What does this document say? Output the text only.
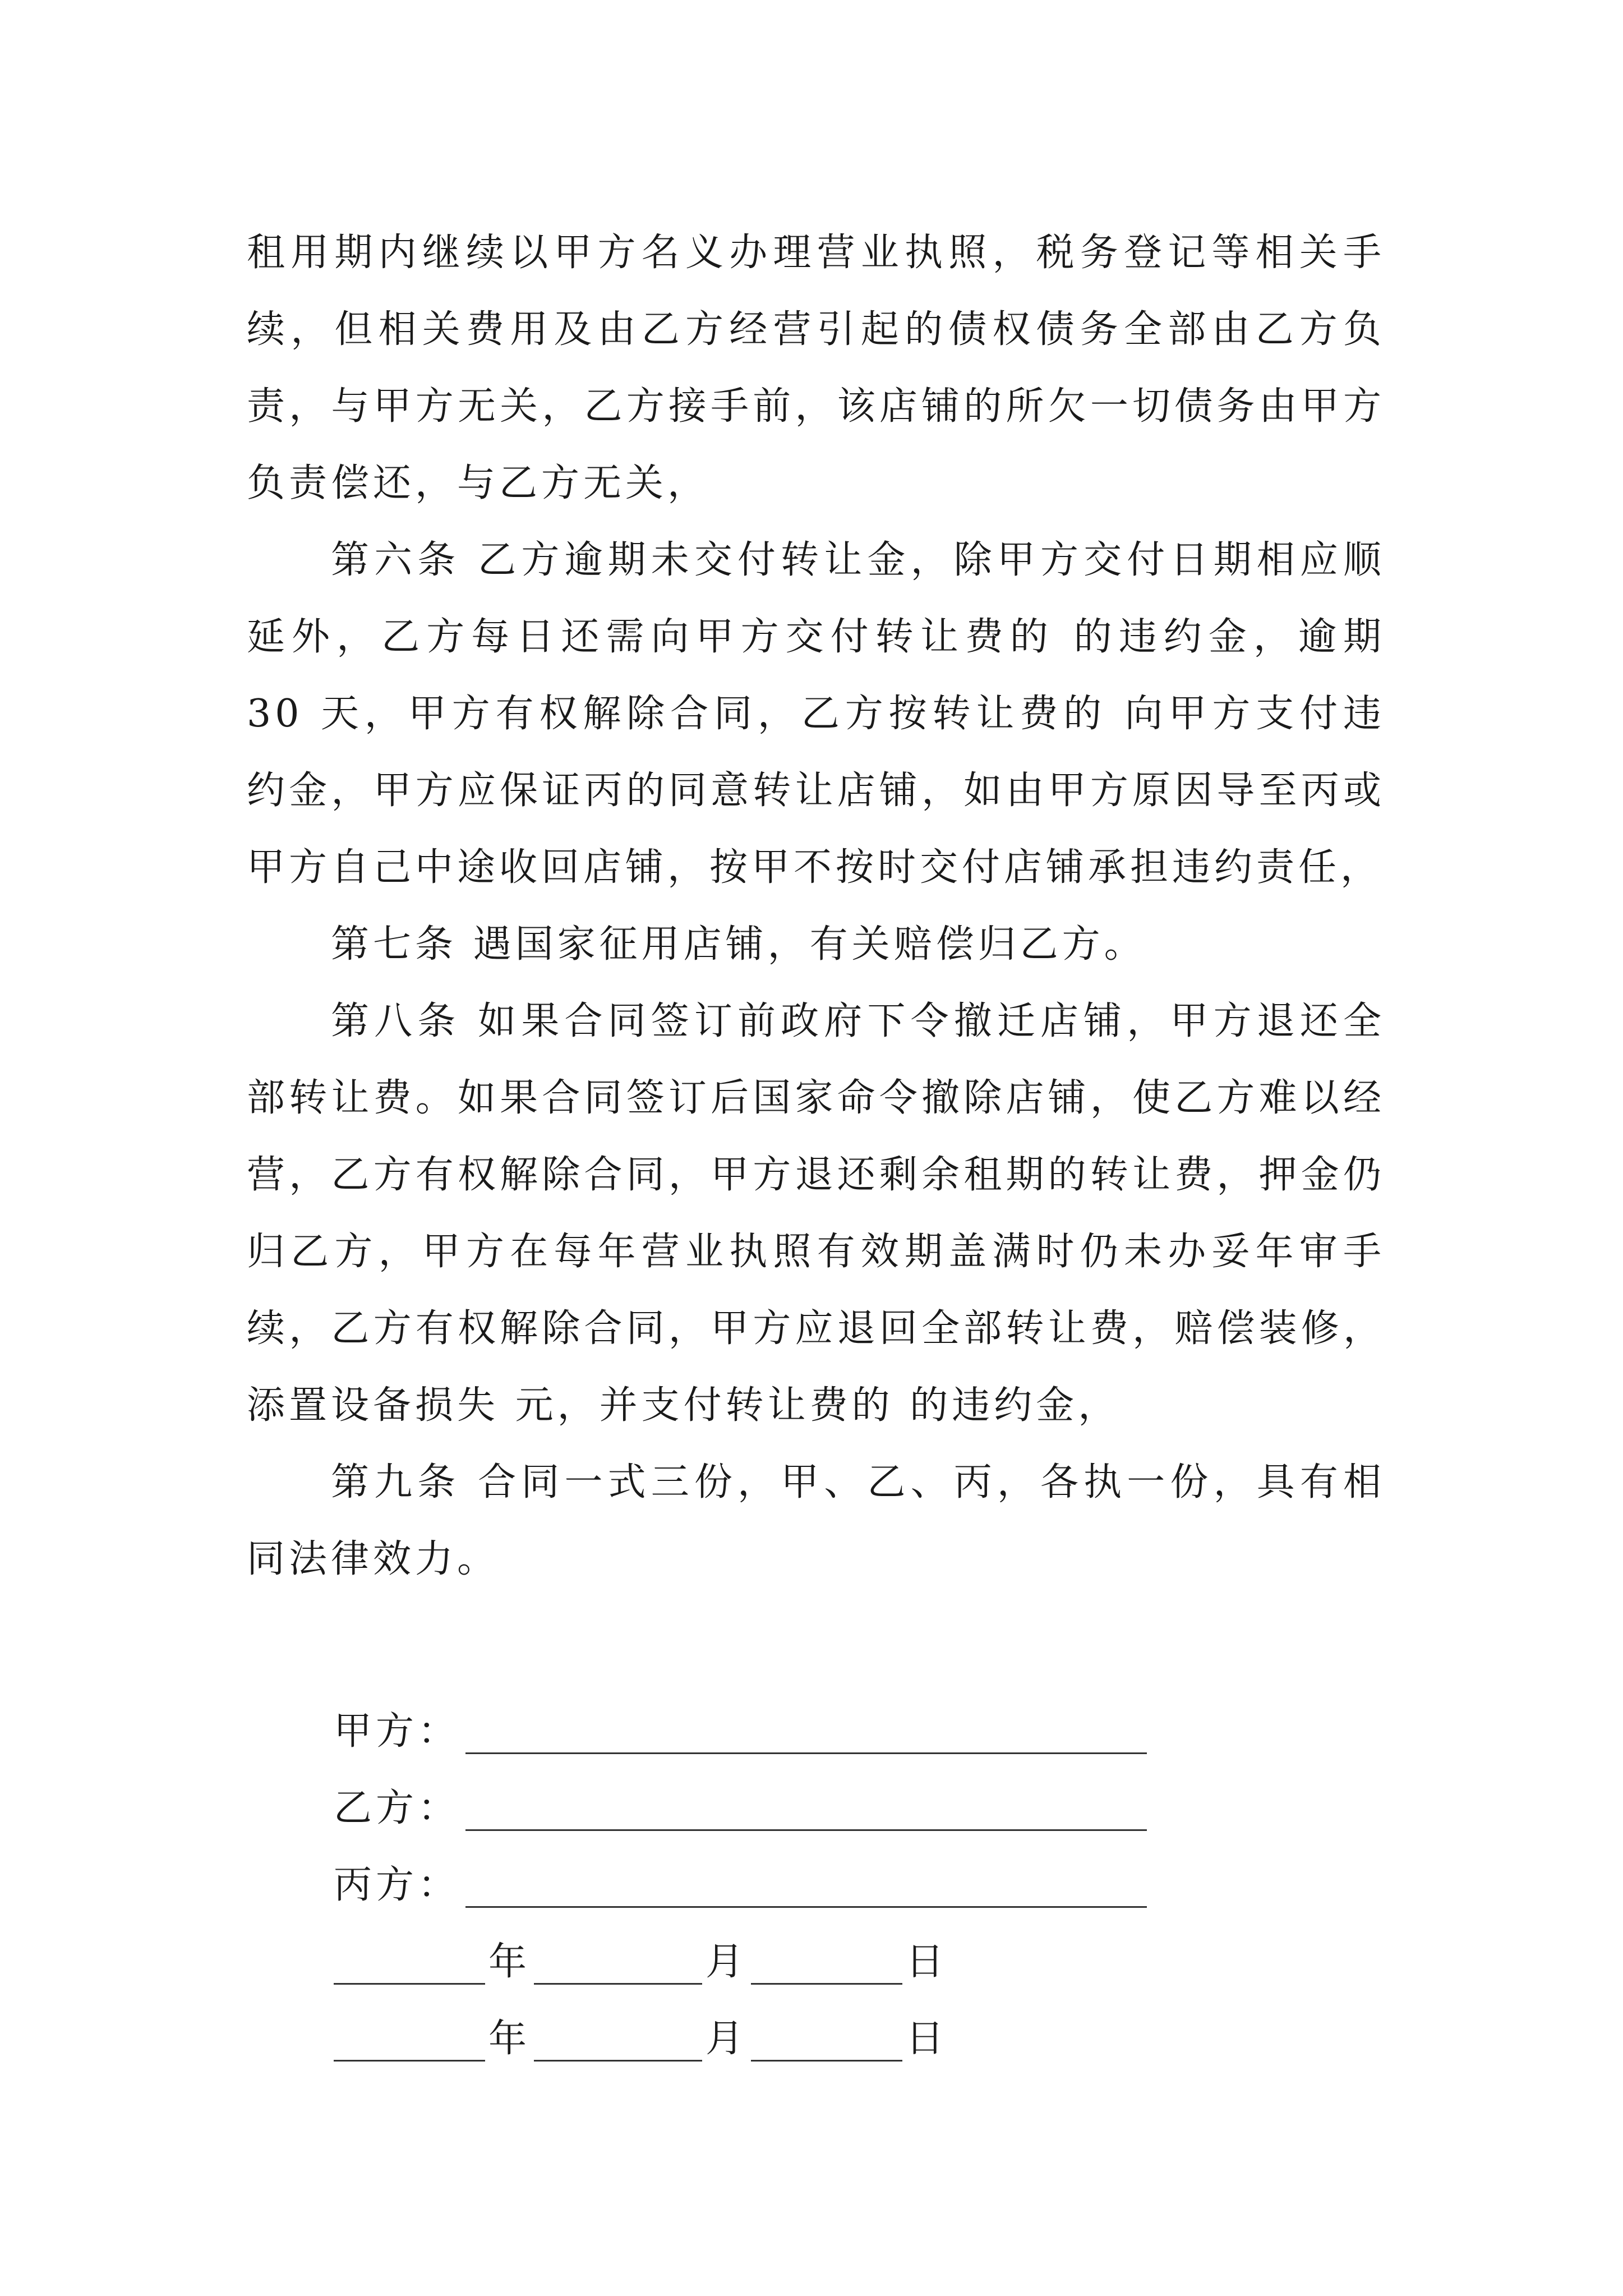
租用期内继续以甲方名义办理营业执照，税务登记等相关手续，但相关费用及由乙方经营引起的债权债务全部由乙方负责，与甲方无关，乙方接手前，该店铺的所欠一切债务由甲方负责偿还，与乙方无关，

第六条 乙方逾期未交付转让金，除甲方交付日期相应顺延外，乙方每日还需向甲方交付转让费的 的违约金，逾期 30 天，甲方有权解除合同，乙方按转让费的 向甲方支付违约金，甲方应保证丙的同意转让店铺，如由甲方原因导至丙或甲方自己中途收回店铺，按甲不按时交付店铺承担违约责任，

第七条 遇国家征用店铺，有关赔偿归乙方。

第八条 如果合同签订前政府下令撤迁店铺，甲方退还全部转让费。如果合同签订后国家命令撤除店铺，使乙方难以经营，乙方有权解除合同，甲方退还剩余租期的转让费，押金仍归乙方，甲方在每年营业执照有效期盖满时仍未办妥年审手续，乙方有权解除合同，甲方应退回全部转让费，赔偿装修，添置设备损失 元，并支付转让费的 的违约金，

第九条 合同一式三份，甲、乙、丙，各执一份，具有相同法律效力。

甲方：
乙方：
丙方：
年	月	日
年	月	日
